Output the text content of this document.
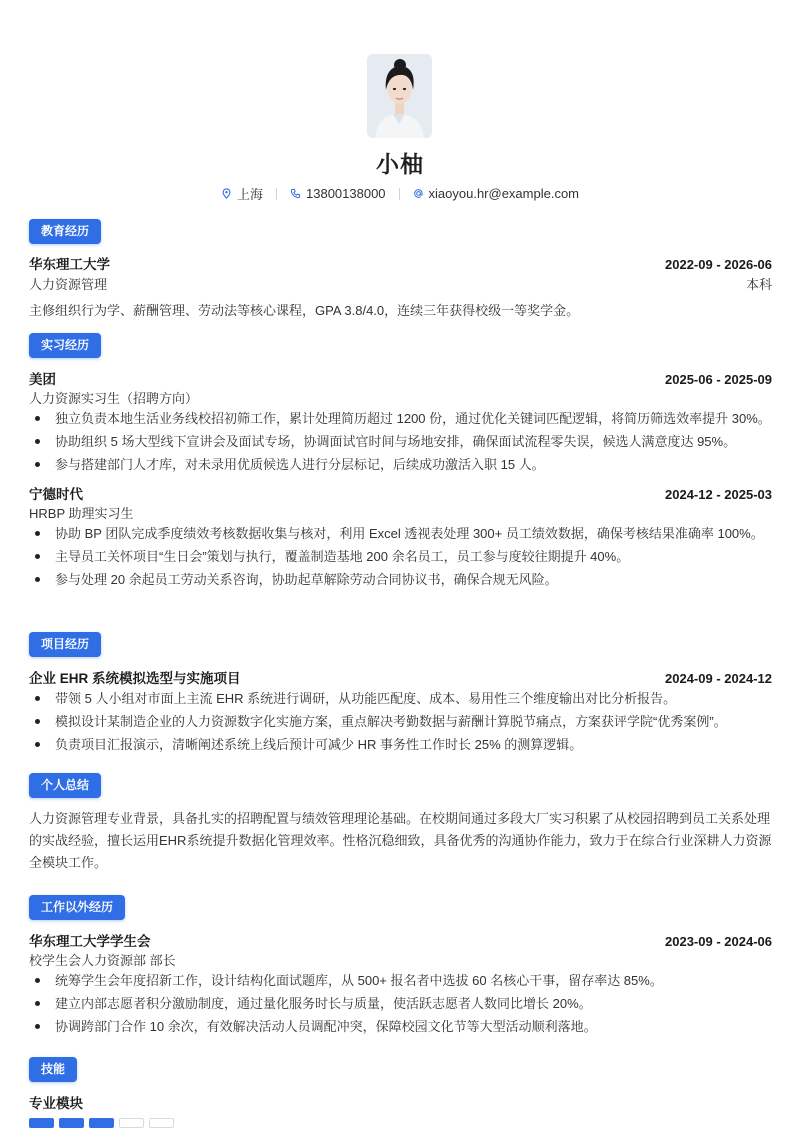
小柚
上海	13800138000	xiaoyou.hr@example.com
教育经历
华东理工大学	2022-09 - 2026-06
人力资源管理	本科
主修组织行为学、薪酬管理、劳动法等核心课程，GPA 3.8/4.0，连续三年获得校级一等奖学金。
实习经历
美团	2025-06 - 2025-09
人力资源实习生（招聘方向）
独立负责本地生活业务线校招初筛工作，累计处理简历超过 1200 份，通过优化关键词匹配逻辑，将简历筛选效率提升 30%。
协助组织 5 场大型线下宣讲会及面试专场，协调面试官时间与场地安排，确保面试流程零失误，候选人满意度达 95%。
参与搭建部门人才库，对未录用优质候选人进行分层标记，后续成功激活入职 15 人。
宁德时代	2024-12 - 2025-03
HRBP 助理实习生
协助 BP 团队完成季度绩效考核数据收集与核对，利用 Excel 透视表处理 300+ 员工绩效数据，确保考核结果准确率 100%。
主导员工关怀项目“生日会”策划与执行，覆盖制造基地 200 余名员工，员工参与度较往期提升 40%。
参与处理 20 余起员工劳动关系咨询，协助起草解除劳动合同协议书，确保合规无风险。
项目经历
企业 EHR 系统模拟选型与实施项目	2024-09 - 2024-12
带领 5 人小组对市面上主流 EHR 系统进行调研，从功能匹配度、成本、易用性三个维度输出对比分析报告。
模拟设计某制造企业的人力资源数字化实施方案，重点解决考勤数据与薪酬计算脱节痛点，方案获评学院“优秀案例”。
负责项目汇报演示，清晰阐述系统上线后预计可减少 HR 事务性工作时长 25% 的测算逻辑。
个人总结
人力资源管理专业背景，具备扎实的招聘配置与绩效管理理论基础。在校期间通过多段大厂实习积累了从校园招聘到员工关系处理的实战经验，擅长运用EHR系统提升数据化管理效率。性格沉稳细致，具备优秀的沟通协作能力，致力于在综合行业深耕人力资源全模块工作。
工作以外经历
华东理工大学学生会	2023-09 - 2024-06
校学生会人力资源部 部长
统筹学生会年度招新工作，设计结构化面试题库，从 500+ 报名者中选拔 60 名核心干事，留存率达 85%。
建立内部志愿者积分激励制度，通过量化服务时长与质量，使活跃志愿者人数同比增长 20%。
协调跨部门合作 10 余次，有效解决活动人员调配冲突，保障校园文化节等大型活动顺利落地。
技能
专业模块
